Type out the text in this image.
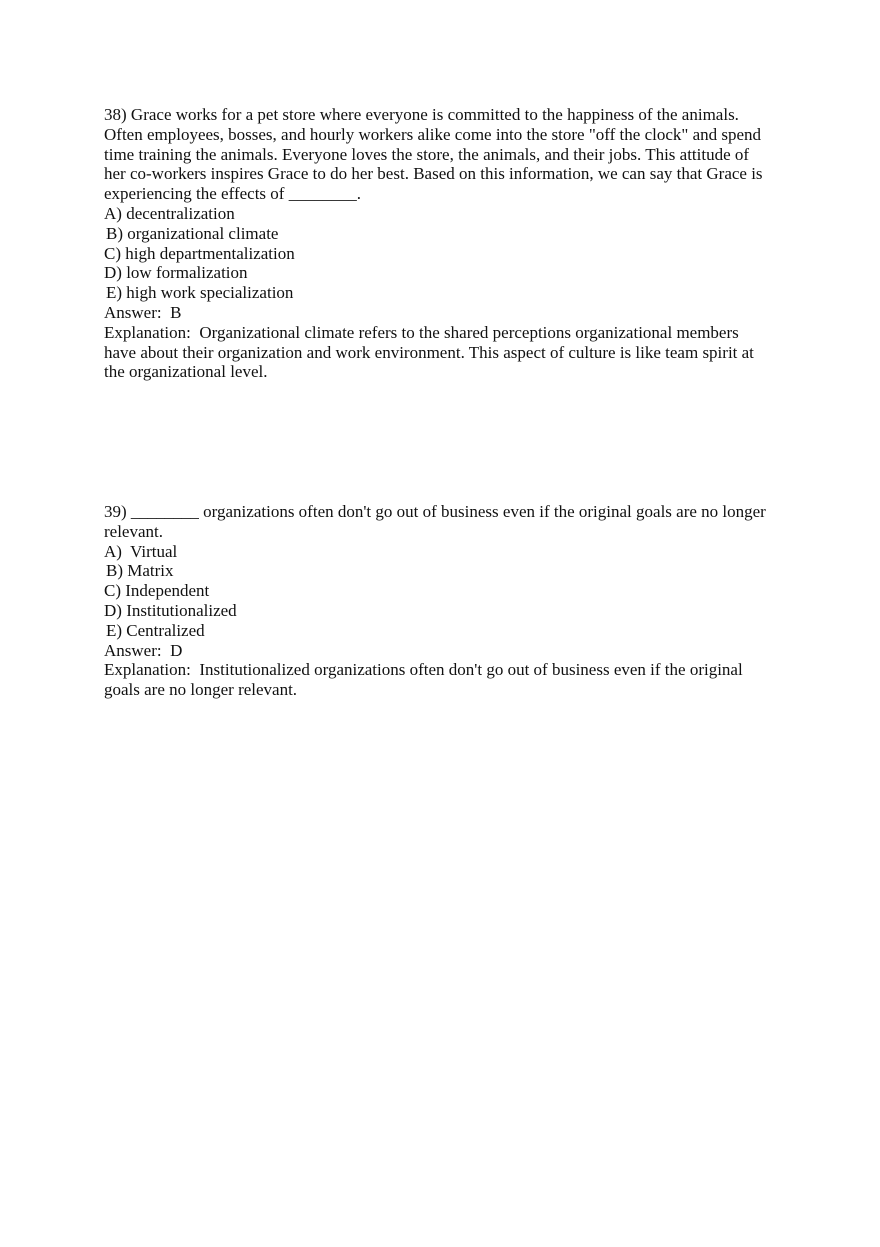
38) Grace works for a pet store where everyone is committed to the happiness of the animals.
Often employees, bosses, and hourly workers alike come into the store "off the clock" and spend
time training the animals. Everyone loves the store, the animals, and their jobs. This attitude of
her co-workers inspires Grace to do her best. Based on this information, we can say that Grace is
experiencing the effects of ________.
A) decentralization
B) organizational climate
C) high departmentalization
D) low formalization
E) high work specialization
Answer:  B
Explanation:  Organizational climate refers to the shared perceptions organizational members
have about their organization and work environment. This aspect of culture is like team spirit at
the organizational level.
39) ________ organizations often don't go out of business even if the original goals are no longer
relevant.
A)  Virtual
B) Matrix
C) Independent
D) Institutionalized
E) Centralized
Answer:  D
Explanation:  Institutionalized organizations often don't go out of business even if the original
goals are no longer relevant.
